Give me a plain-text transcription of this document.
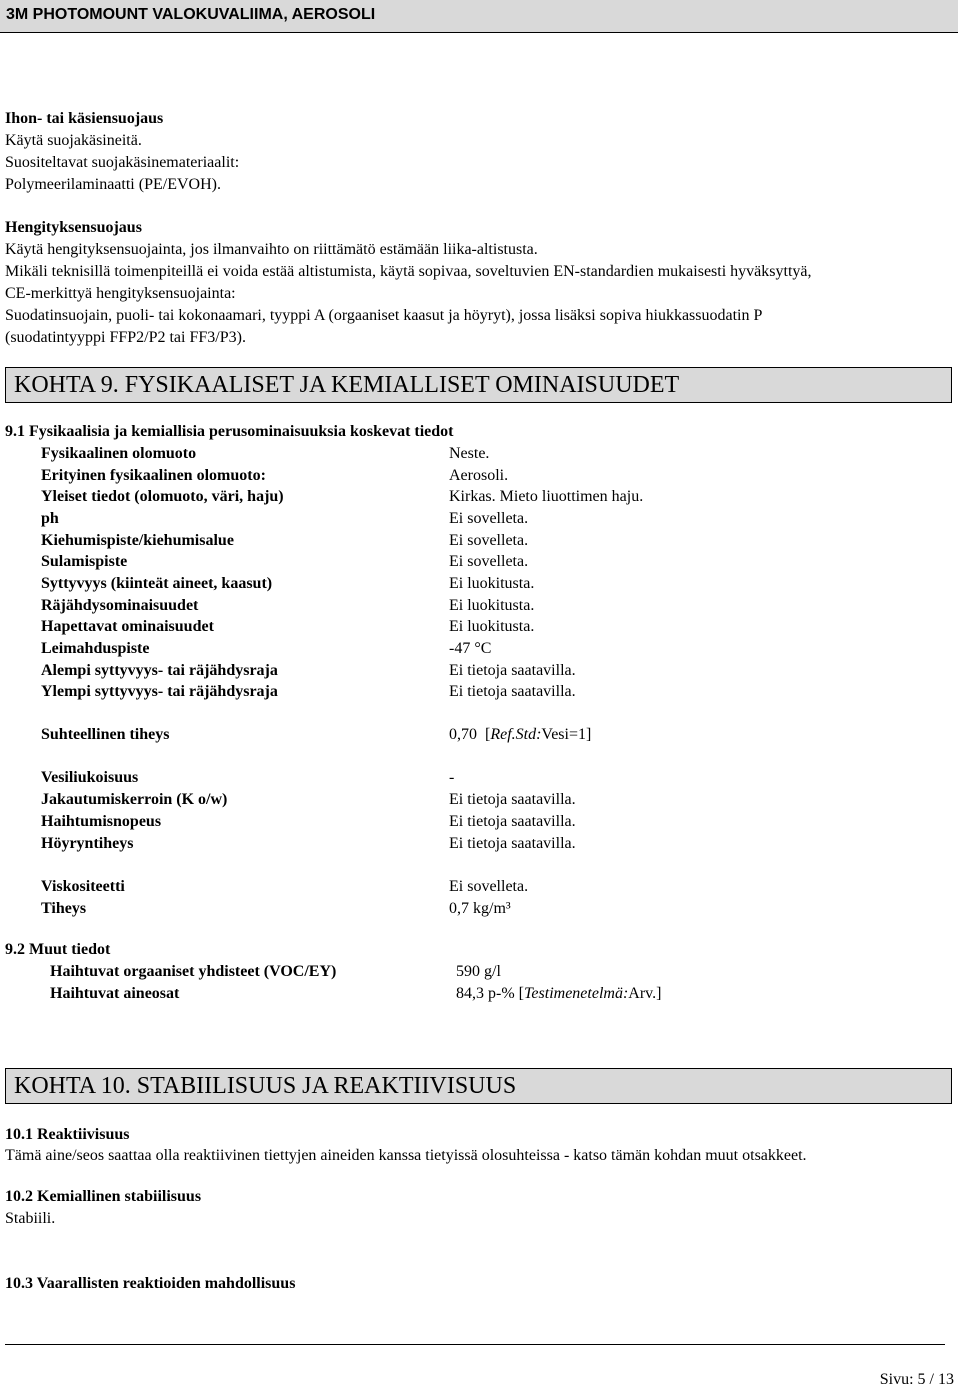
3M PHOTOMOUNT VALOKUVALIIMA, AEROSOLI
Ihon- tai käsiensuojaus
Käytä suojakäsineitä.
Suositeltavat suojakäsinemateriaalit:
Polymeerilaminaatti (PE/EVOH).
Hengityksensuojaus
Käytä hengityksensuojainta, jos ilmanvaihto on riittämätö estämään liika-altistusta.
Mikäli teknisillä toimenpiteillä ei voida estää altistumista, käytä sopivaa, soveltuvien EN-standardien mukaisesti hyväksyttyä,
CE-merkittyä hengityksensuojainta:
Suodatinsuojain, puoli- tai kokonaamari, tyyppi A (orgaaniset kaasut ja höyryt), jossa lisäksi sopiva hiukkassuodatin P
(suodatintyyppi FFP2/P2 tai FF3/P3).
KOHTA 9. FYSIKAALISET JA KEMIALLISET OMINAISUUDET
9.1 Fysikaalisia ja kemiallisia perusominaisuuksia koskevat tiedot
Fysikaalinen olomuoto	Neste.
Erityinen fysikaalinen olomuoto:	Aerosoli.
Yleiset tiedot (olomuoto, väri, haju)	Kirkas. Mieto liuottimen haju.
ph	Ei sovelleta.
Kiehumispiste/kiehumisalue	Ei sovelleta.
Sulamispiste	Ei sovelleta.
Syttyvyys (kiinteät aineet, kaasut)	Ei luokitusta.
Räjähdysominaisuudet	Ei luokitusta.
Hapettavat ominaisuudet	Ei luokitusta.
Leimahduspiste	-47 °C
Alempi syttyvyys- tai räjähdysraja	Ei tietoja saatavilla.
Ylempi syttyvyys- tai räjähdysraja	Ei tietoja saatavilla.
Suhteellinen tiheys	0,70 [Ref.Std:Vesi=1]
Vesiliukoisuus	-
Jakautumiskerroin (K o/w)	Ei tietoja saatavilla.
Haihtumisnopeus	Ei tietoja saatavilla.
Höyryntiheys	Ei tietoja saatavilla.
Viskositeetti	Ei sovelleta.
Tiheys	0,7 kg/m³
9.2 Muut tiedot
Haihtuvat orgaaniset yhdisteet (VOC/EY)	590 g/l
Haihtuvat aineosat	84,3 p-% [Testimenetelmä:Arv.]
KOHTA 10. STABIILISUUS JA REAKTIIVISUUS
10.1 Reaktiivisuus
Tämä aine/seos saattaa olla reaktiivinen tiettyjen aineiden kanssa tietyissä olosuhteissa - katso tämän kohdan muut otsakkeet.
10.2 Kemiallinen stabiilisuus
Stabiili.
10.3 Vaarallisten reaktioiden mahdollisuus
Sivu: 5 / 13
